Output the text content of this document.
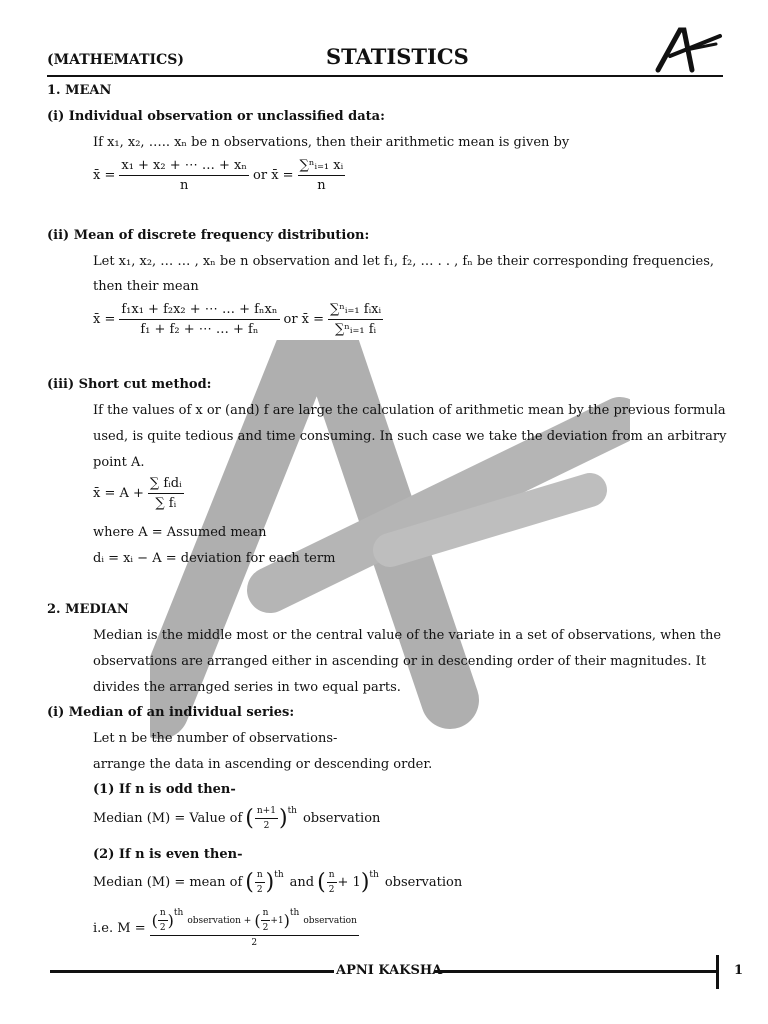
(MATHEMATICS)	STATISTICS
1. MEAN
(i) Individual observation or unclassified data:
If x₁, x₂, ….. xₙ be n observations, then their arithmetic mean is given by
x̄ = $\frac{\text{x₁ + x₂ + ⋯ … + xₙ}}{n}$ or x̄ = $\frac{\text{∑ⁿᵢ₌₁ xᵢ}}{n}$
(ii) Mean of discrete frequency distribution:
Let x₁, x₂, … … , xₙ be n observation and let f₁, f₂, … . . , fₙ be their corresponding frequencies,
then their mean
x̄ = $\frac{\text{f₁x₁ + f₂x₂ + ⋯ … + fₙxₙ}}{\text{f₁ + f₂ + ⋯ … + fₙ}}$ or x̄ = $\frac{\text{∑ⁿᵢ₌₁ fᵢxᵢ}}{\text{∑ⁿᵢ₌₁ fᵢ}}$
(iii) Short cut method:
If the values of x or (and) f are large the calculation of arithmetic mean by the previous formula
used, is quite tedious and time consuming. In such case we take the deviation from an arbitrary
point A.
x̄ = $A + \frac{\text{∑ fᵢdᵢ}}{\text{∑ fᵢ}}$
where A = Assumed mean
dᵢ = xᵢ − A = deviation for each term
2. MEDIAN
Median is the middle most or the central value of the variate in a set of observations, when the
observations are arranged either in ascending or in descending order of their magnitudes. It
divides the arranged series in two equal parts.
(i) Median of an individual series:
Let n be the number of observations-
arrange the data in ascending or descending order.
(1) If n is odd then-
Median (M) = Value of ( $\frac{n+1}{2} )^{th}$ observation
(2) If n is even then-
Median (M) = mean of ( $\frac{n}{2} )^{th}$ and ( $\frac{n}{2} + 1$ )$^{th}$ observation
i.e. M = ( $\frac{n}{2}$ ) th
observation + ( $\frac{n}{2} +1$ ) th
observation
2
APNI KAKSHA	1
